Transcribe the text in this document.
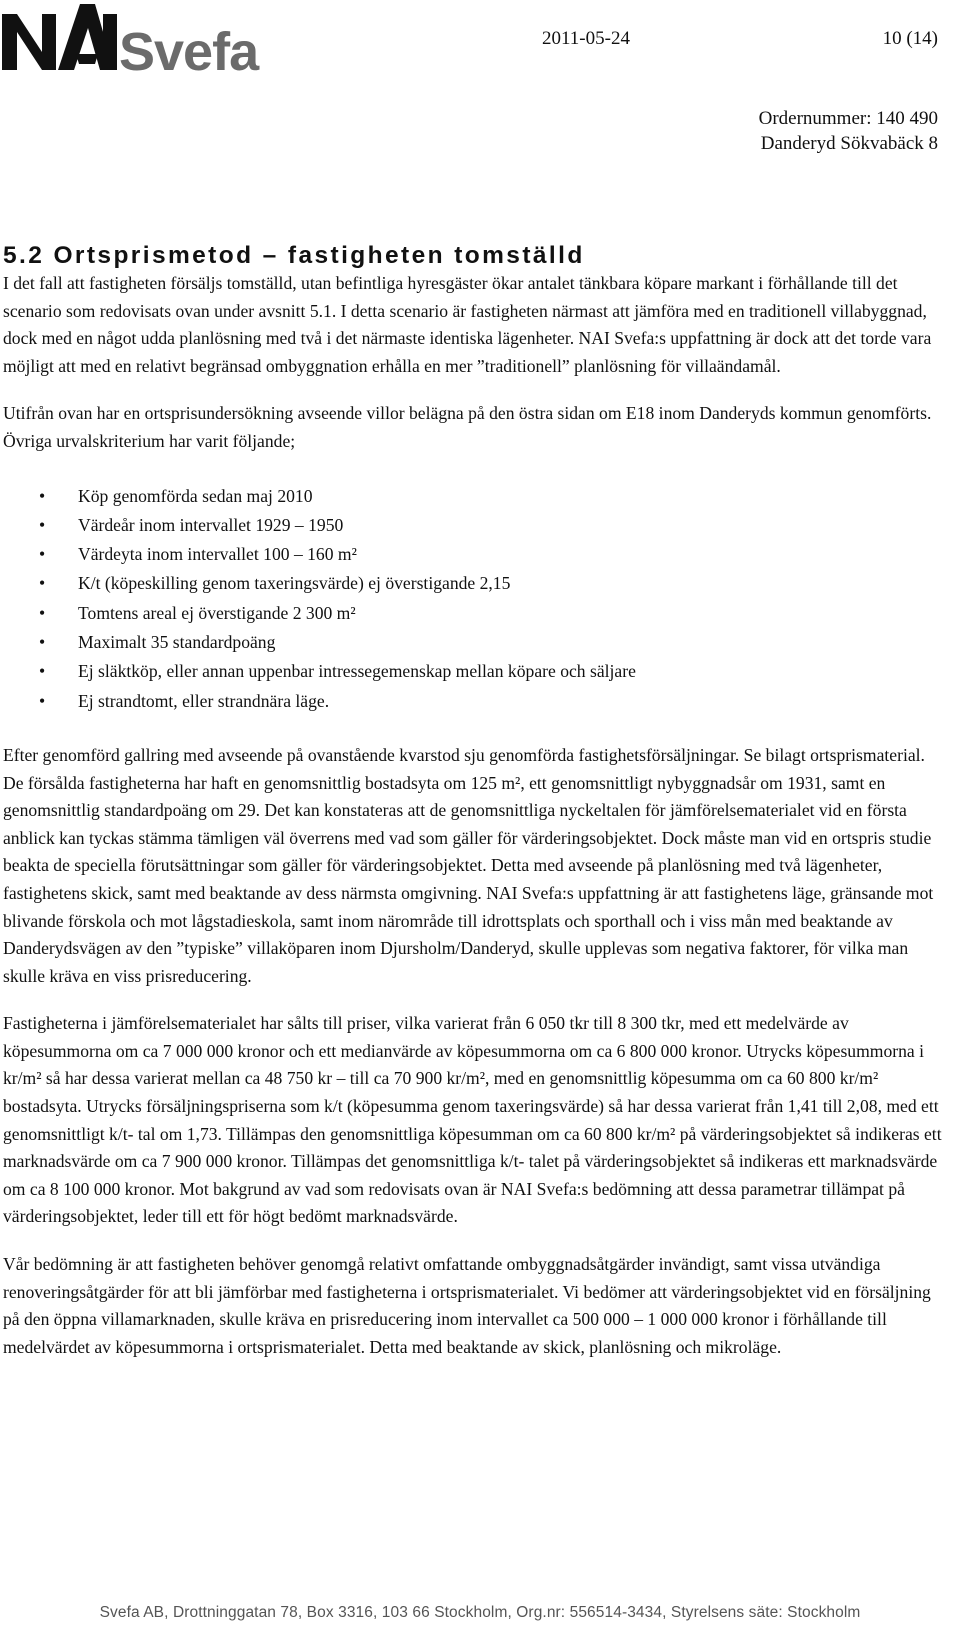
Svefa	2011-05-24	10 (14)
Ordernummer: 140 490
Danderyd Sökvabäck 8
5.2 Ortsprismetod – fastigheten tomställd

I det fall att fastigheten försäljs tomställd, utan befintliga hyresgäster ökar antalet tänkbara köpare markant i förhållande till det scenario som redovisats ovan under avsnitt 5.1. I detta scenario är fastigheten närmast att jämföra med en traditionell villabyggnad, dock med en något udda planlösning med två i det närmaste identiska lägenheter. NAI Svefa:s uppfattning är dock att det torde vara möjligt att med en relativt begränsad ombyggnation erhålla en mer ”traditionell” planlösning för villaändamål.

Utifrån ovan har en ortsprisundersökning avseende villor belägna på den östra sidan om E18 inom Danderyds kommun genomförts. Övriga urvalskriterium har varit följande;

• Köp genomförda sedan maj 2010
• Värdeår inom intervallet 1929 – 1950
• Värdeyta inom intervallet 100 – 160 m²
• K/t (köpeskilling genom taxeringsvärde) ej överstigande 2,15
• Tomtens areal ej överstigande 2 300 m²
• Maximalt 35 standardpoäng
• Ej släktköp, eller annan uppenbar intressegemenskap mellan köpare och säljare
• Ej strandtomt, eller strandnära läge.

Efter genomförd gallring med avseende på ovanstående kvarstod sju genomförda fastighetsförsäljningar. Se bilagt ortsprismaterial. De försålda fastigheterna har haft en genomsnittlig bostadsyta om 125 m², ett genomsnittligt nybyggnadsår om 1931, samt en genomsnittlig standardpoäng om 29. Det kan konstateras att de genomsnittliga nyckeltalen för jämförelsematerialet vid en första anblick kan tyckas stämma tämligen väl överrens med vad som gäller för värderingsobjektet. Dock måste man vid en ortspris studie beakta de speciella förutsättningar som gäller för värderingsobjektet. Detta med avseende på planlösning med två lägenheter, fastighetens skick, samt med beaktande av dess närmsta omgivning. NAI Svefa:s uppfattning är att fastighetens läge, gränsande mot blivande förskola och mot lågstadieskola, samt inom närområde till idrottsplats och sporthall och i viss mån med beaktande av Danderydsvägen av den ”typiske” villaköparen inom Djursholm/Danderyd, skulle upplevas som negativa faktorer, för vilka man skulle kräva en viss prisreducering.

Fastigheterna i jämförelsematerialet har sålts till priser, vilka varierat från 6 050 tkr till 8 300 tkr, med ett medelvärde av köpesummorna om ca 7 000 000 kronor och ett medianvärde av köpesummorna om ca 6 800 000 kronor. Utrycks köpesummorna i kr/m² så har dessa varierat mellan ca 48 750 kr – till ca 70 900 kr/m², med en genomsnittlig köpesumma om ca 60 800 kr/m² bostadsyta. Utrycks försäljningspriserna som k/t (köpesumma genom taxeringsvärde) så har dessa varierat från 1,41 till 2,08, med ett genomsnittligt k/t- tal om 1,73. Tillämpas den genomsnittliga köpesumman om ca 60 800 kr/m² på värderingsobjektet så indikeras ett marknadsvärde om ca 7 900 000 kronor. Tillämpas det genomsnittliga k/t- talet på värderingsobjektet så indikeras ett marknadsvärde om ca 8 100 000 kronor. Mot bakgrund av vad som redovisats ovan är NAI Svefa:s bedömning att dessa parametrar tillämpat på värderingsobjektet, leder till ett för högt bedömt marknadsvärde.

Vår bedömning är att fastigheten behöver genomgå relativt omfattande ombyggnadsåtgärder invändigt, samt vissa utvändiga renoveringsåtgärder för att bli jämförbar med fastigheterna i ortsprismaterialet. Vi bedömer att värderingsobjektet vid en försäljning på den öppna villamarknaden, skulle kräva en prisreducering inom intervallet ca 500 000 – 1 000 000 kronor i förhållande till medelvärdet av köpesummorna i ortsprismaterialet. Detta med beaktande av skick, planlösning och mikroläge.

Svefa AB, Drottninggatan 78, Box 3316, 103 66 Stockholm, Org.nr: 556514-3434, Styrelsens säte: Stockholm
